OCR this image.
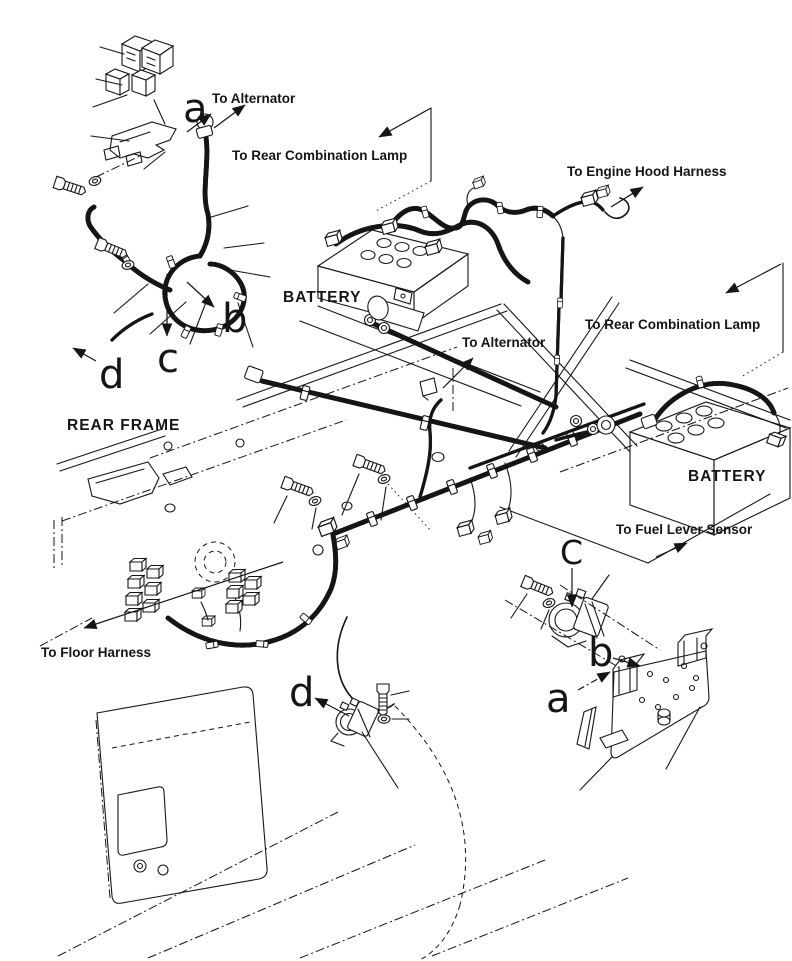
To Alternator
To Rear Combination Lamp
To Engine Hood Harness
To Rear Combination Lamp
BATTERY
To Alternator
REAR FRAME
BATTERY
To Fuel Lever Sensor
To Floor Harness
a
b
c
d
C
b
a
d
